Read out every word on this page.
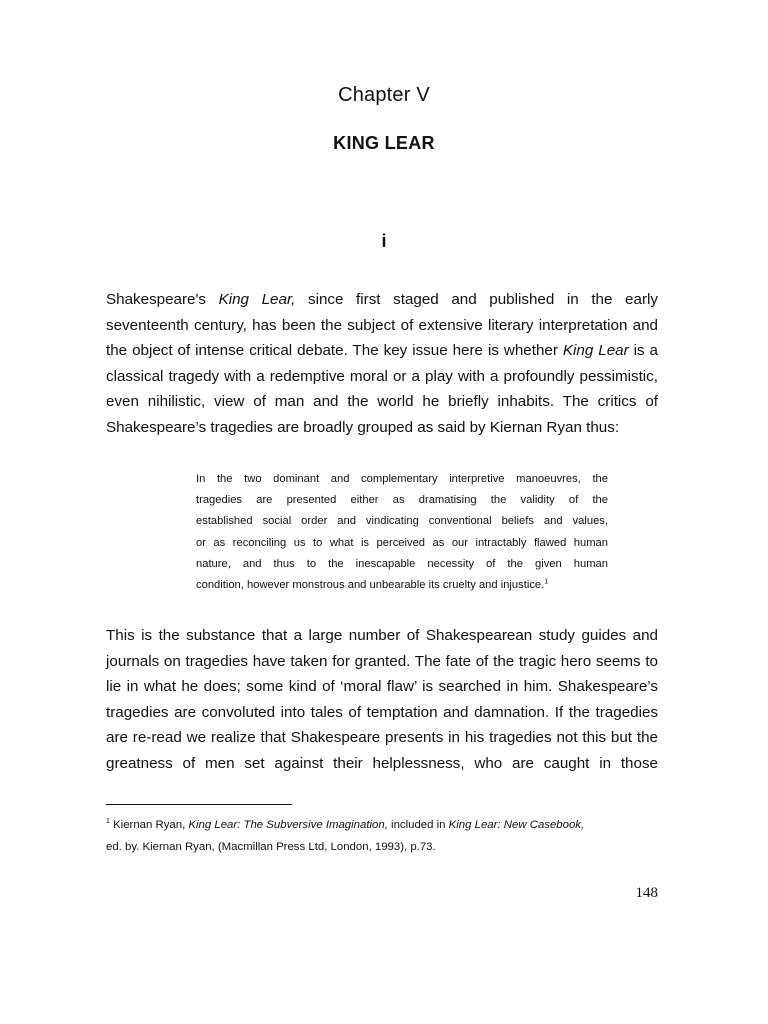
Chapter V
KING LEAR
i
Shakespeare's King Lear, since first staged and published in the early
seventeenth century, has been the subject of extensive literary interpretation and
the object of intense critical debate. The key issue here is whether King Lear is a
classical tragedy with a redemptive moral or a play with a profoundly pessimistic,
even nihilistic, view of man and the world he briefly inhabits. The critics of
Shakespeare’s tragedies are broadly grouped as said by Kiernan Ryan thus:
In the two dominant and complementary interpretive manoeuvres, the
tragedies are presented either as dramatising the validity of the
established social order and vindicating conventional beliefs and values,
or as reconciling us to what is perceived as our intractably flawed human
nature, and thus to the inescapable necessity of the given human
condition, however monstrous and unbearable its cruelty and injustice.$^1$
This is the substance that a large number of Shakespearean study guides and
journals on tragedies have taken for granted. The fate of the tragic hero seems to
lie in what he does; some kind of ‘moral flaw’ is searched in him. Shakespeare’s
tragedies are convoluted into tales of temptation and damnation. If the tragedies
are re-read we realize that Shakespeare presents in his tragedies not this but the
greatness of men set against their helplessness, who are caught in those
$^1$ Kiernan Ryan, King Lear: The Subversive Imagination, included in King Lear: New Casebook,
ed. by. Kiernan Ryan, (Macmillan Press Ltd, London, 1993), p.73.
148
